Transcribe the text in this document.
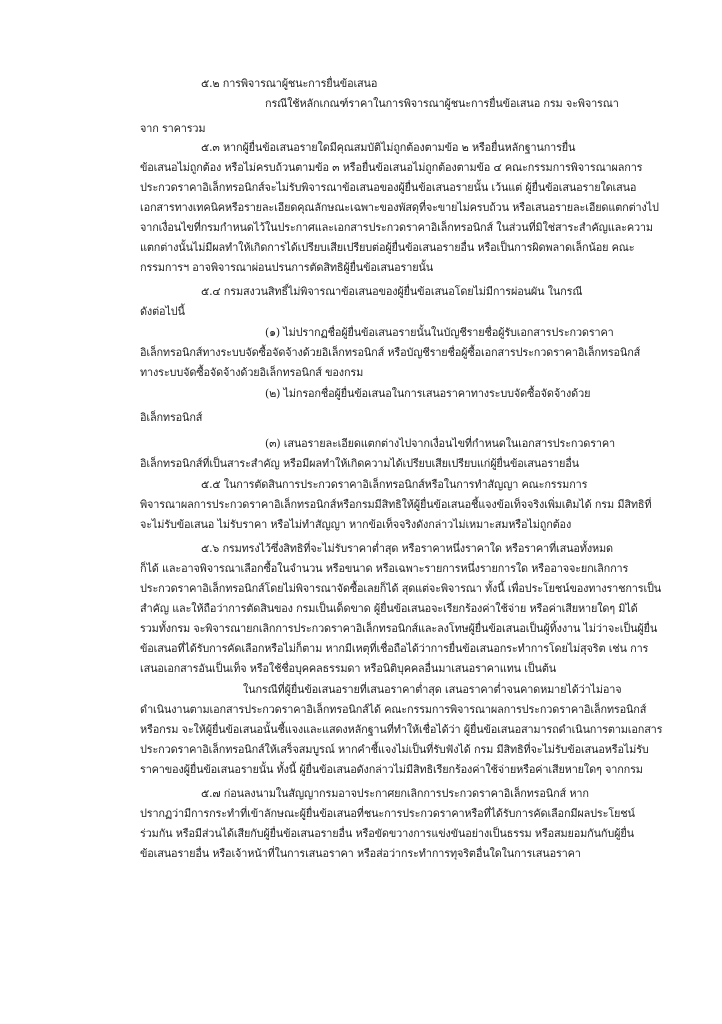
๕.๒ การพิจารณาผู้ชนะการยื่นข้อเสนอ
กรณีใช้หลักเกณฑ์ราคาในการพิจารณาผู้ชนะการยื่นข้อเสนอ กรม จะพิจารณา
จาก ราคารวม
๕.๓ หากผู้ยื่นข้อเสนอรายใดมีคุณสมบัติไม่ถูกต้องตามข้อ ๒ หรือยื่นหลักฐานการยื่น
ข้อเสนอไม่ถูกต้อง หรือไม่ครบถ้วนตามข้อ ๓ หรือยื่นข้อเสนอไม่ถูกต้องตามข้อ ๔ คณะกรรมการพิจารณาผลการ
ประกวดราคาอิเล็กทรอนิกส์จะไม่รับพิจารณาข้อเสนอของผู้ยื่นข้อเสนอรายนั้น เว้นแต่ ผู้ยื่นข้อเสนอรายใดเสนอ
เอกสารทางเทคนิคหรือรายละเอียดคุณลักษณะเฉพาะของพัสดุที่จะขายไม่ครบถ้วน หรือเสนอรายละเอียดแตกต่างไป
จากเงื่อนไขที่กรมกำหนดไว้ในประกาศและเอกสารประกวดราคาอิเล็กทรอนิกส์ ในส่วนที่มิใช่สาระสำคัญและความ
แตกต่างนั้นไม่มีผลทำให้เกิดการได้เปรียบเสียเปรียบต่อผู้ยื่นข้อเสนอรายอื่น หรือเป็นการผิดพลาดเล็กน้อย คณะ
กรรมการฯ อาจพิจารณาผ่อนปรนการตัดสิทธิผู้ยื่นข้อเสนอรายนั้น
๕.๔ กรมสงวนสิทธิ์ไม่พิจารณาข้อเสนอของผู้ยื่นข้อเสนอโดยไม่มีการผ่อนผัน ในกรณี
ดังต่อไปนี้
(๑) ไม่ปรากฏชื่อผู้ยื่นข้อเสนอรายนั้นในบัญชีรายชื่อผู้รับเอกสารประกวดราคา
อิเล็กทรอนิกส์ทางระบบจัดซื้อจัดจ้างด้วยอิเล็กทรอนิกส์ หรือบัญชีรายชื่อผู้ซื้อเอกสารประกวดราคาอิเล็กทรอนิกส์
ทางระบบจัดซื้อจัดจ้างด้วยอิเล็กทรอนิกส์ ของกรม
(๒) ไม่กรอกชื่อผู้ยื่นข้อเสนอในการเสนอราคาทางระบบจัดซื้อจัดจ้างด้วย
อิเล็กทรอนิกส์
(๓) เสนอรายละเอียดแตกต่างไปจากเงื่อนไขที่กำหนดในเอกสารประกวดราคา
อิเล็กทรอนิกส์ที่เป็นสาระสำคัญ หรือมีผลทำให้เกิดความได้เปรียบเสียเปรียบแก่ผู้ยื่นข้อเสนอรายอื่น
๕.๕ ในการตัดสินการประกวดราคาอิเล็กทรอนิกส์หรือในการทำสัญญา คณะกรรมการ
พิจารณาผลการประกวดราคาอิเล็กทรอนิกส์หรือกรมมีสิทธิให้ผู้ยื่นข้อเสนอชี้แจงข้อเท็จจริงเพิ่มเติมได้ กรม มีสิทธิที่
จะไม่รับข้อเสนอ ไม่รับราคา หรือไม่ทำสัญญา หากข้อเท็จจริงดังกล่าวไม่เหมาะสมหรือไม่ถูกต้อง
๕.๖ กรมทรงไว้ซึ่งสิทธิที่จะไม่รับราคาต่ำสุด หรือราคาหนึ่งราคาใด หรือราคาที่เสนอทั้งหมด
ก็ได้ และอาจพิจารณาเลือกซื้อในจำนวน หรือขนาด หรือเฉพาะรายการหนึ่งรายการใด หรืออาจจะยกเลิกการ
ประกวดราคาอิเล็กทรอนิกส์โดยไม่พิจารณาจัดซื้อเลยก็ได้ สุดแต่จะพิจารณา ทั้งนี้ เพื่อประโยชน์ของทางราชการเป็น
สำคัญ และให้ถือว่าการตัดสินของ กรมเป็นเด็ดขาด ผู้ยื่นข้อเสนอจะเรียกร้องค่าใช้จ่าย หรือค่าเสียหายใดๆ มิได้
รวมทั้งกรม จะพิจารณายกเลิกการประกวดราคาอิเล็กทรอนิกส์และลงโทษผู้ยื่นข้อเสนอเป็นผู้ทิ้งงาน ไม่ว่าจะเป็นผู้ยื่น
ข้อเสนอที่ได้รับการคัดเลือกหรือไม่ก็ตาม หากมีเหตุที่เชื่อถือได้ว่าการยื่นข้อเสนอกระทำการโดยไม่สุจริต เช่น การ
เสนอเอกสารอันเป็นเท็จ หรือใช้ชื่อบุคคลธรรมดา หรือนิติบุคคลอื่นมาเสนอราคาแทน เป็นต้น
ในกรณีที่ผู้ยื่นข้อเสนอรายที่เสนอราคาต่ำสุด เสนอราคาต่ำจนคาดหมายได้ว่าไม่อาจ
ดำเนินงานตามเอกสารประกวดราคาอิเล็กทรอนิกส์ได้ คณะกรรมการพิจารณาผลการประกวดราคาอิเล็กทรอนิกส์
หรือกรม จะให้ผู้ยื่นข้อเสนอนั้นชี้แจงและแสดงหลักฐานที่ทำให้เชื่อได้ว่า ผู้ยื่นข้อเสนอสามารถดำเนินการตามเอกสาร
ประกวดราคาอิเล็กทรอนิกส์ให้เสร็จสมบูรณ์ หากคำชี้แจงไม่เป็นที่รับฟังได้ กรม มีสิทธิที่จะไม่รับข้อเสนอหรือไม่รับ
ราคาของผู้ยื่นข้อเสนอรายนั้น ทั้งนี้ ผู้ยื่นข้อเสนอดังกล่าวไม่มีสิทธิเรียกร้องค่าใช้จ่ายหรือค่าเสียหายใดๆ จากกรม
๕.๗ ก่อนลงนามในสัญญากรมอาจประกาศยกเลิกการประกวดราคาอิเล็กทรอนิกส์ หาก
ปรากฏว่ามีการกระทำที่เข้าลักษณะผู้ยื่นข้อเสนอที่ชนะการประกวดราคาหรือที่ได้รับการคัดเลือกมีผลประโยชน์
ร่วมกัน หรือมีส่วนได้เสียกับผู้ยื่นข้อเสนอรายอื่น หรือขัดขวางการแข่งขันอย่างเป็นธรรม หรือสมยอมกันกับผู้ยื่น
ข้อเสนอรายอื่น หรือเจ้าหน้าที่ในการเสนอราคา หรือส่อว่ากระทำการทุจริตอื่นใดในการเสนอราคา
